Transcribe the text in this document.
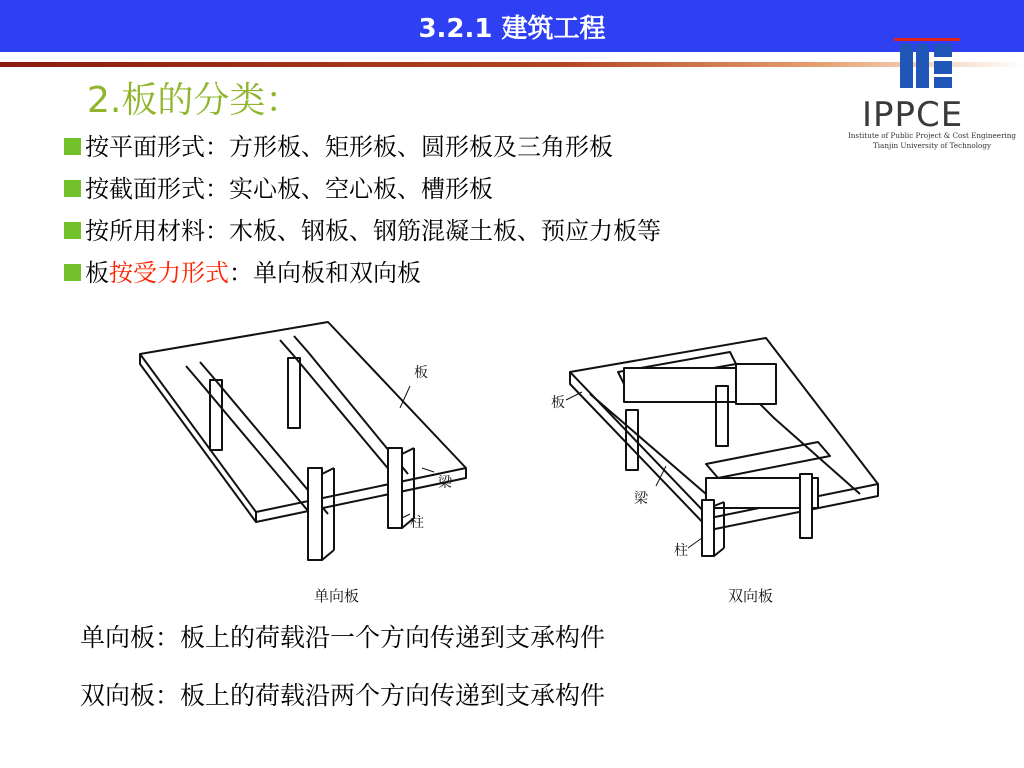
3.2.1 建筑工程
IPPCE
Institute of Public Project & Cost Engineering
Tianjin University of Technology
2.板的分类：
按平面形式：方形板、矩形板、圆形板及三角形板
按截面形式：实心板、空心板、槽形板
按所用材料：木板、钢板、钢筋混凝土板、预应力板等
板按受力形式：单向板和双向板
板
梁
柱
单向板
板
梁
柱
双向板
单向板：板上的荷载沿一个方向传递到支承构件
双向板：板上的荷载沿两个方向传递到支承构件
